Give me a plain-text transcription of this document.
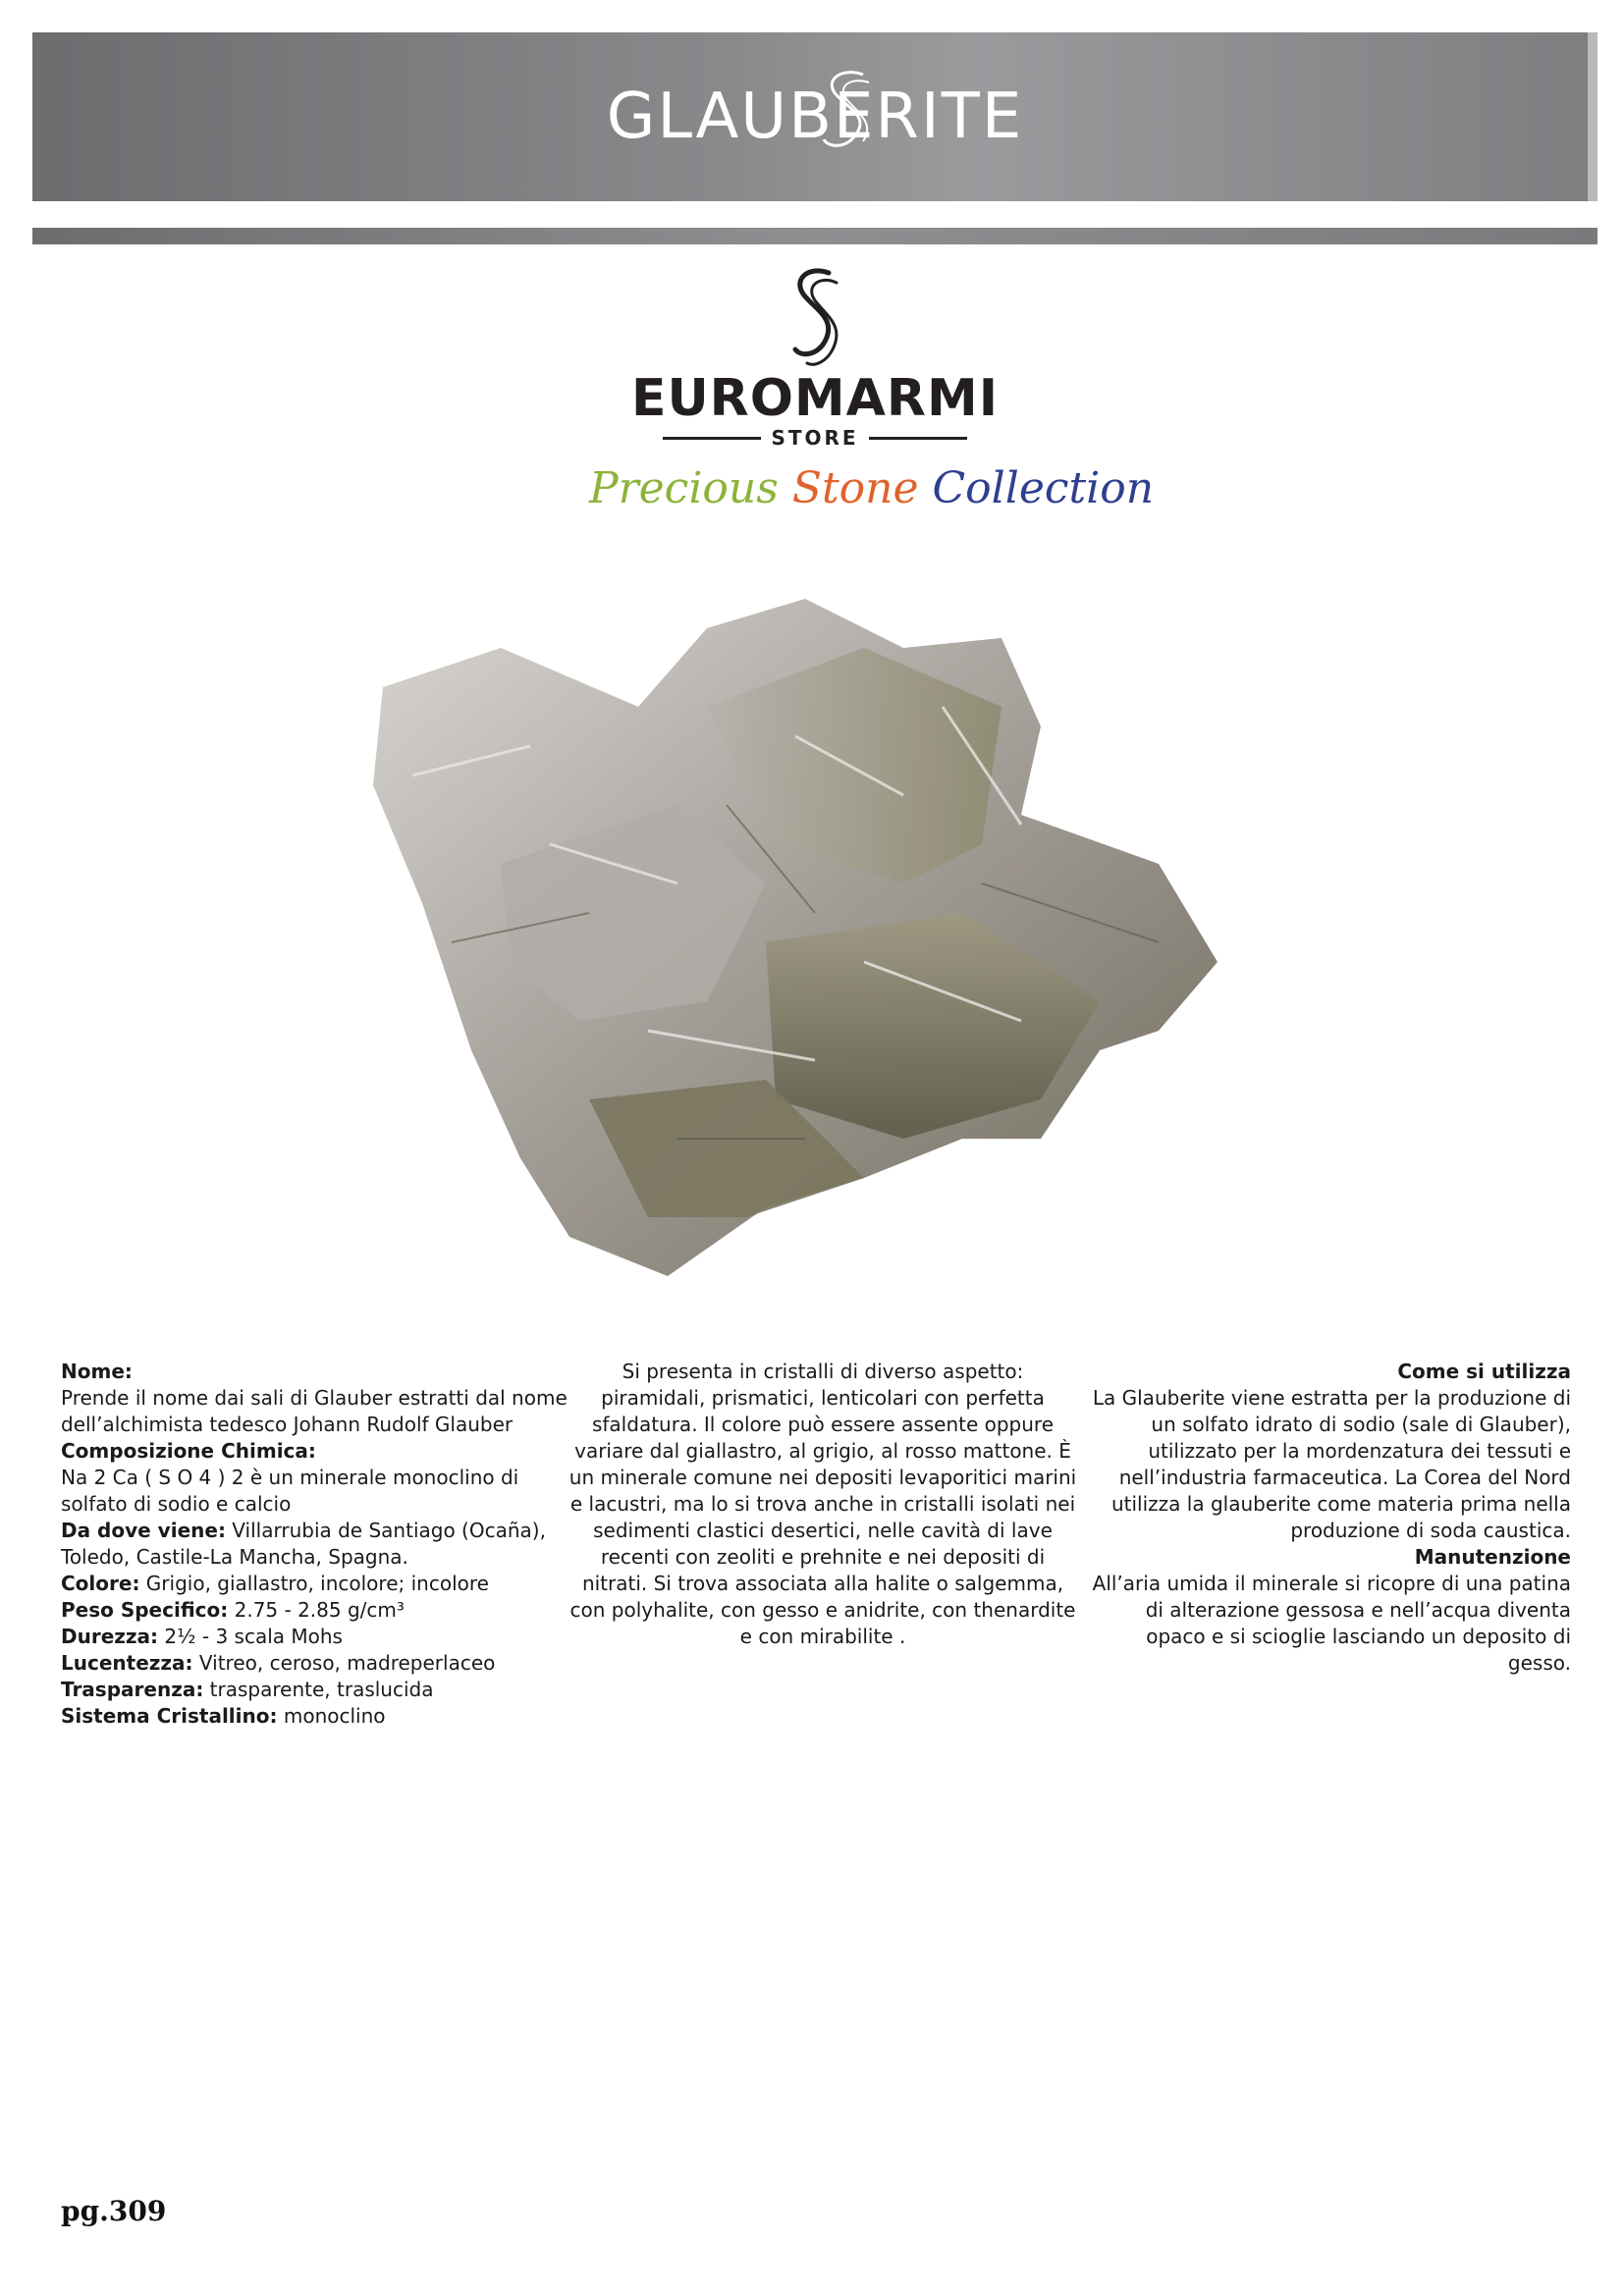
GLAUBERITE
EUROMARMI
STORE
Precious Stone Collection

Nome:

Prende il nome dai sali di Glauber estratti dal nome dell’alchimista tedesco Johann Rudolf Glauber

Composizione Chimica:

Na 2 Ca ( S O 4 ) 2 è un minerale monoclino di solfato di sodio e calcio

Da dove viene: Villarrubia de Santiago (Ocaña), Toledo, Castile-La Mancha, Spagna.

Colore: Grigio, giallastro, incolore; incolore

Peso Specifico: 2.75 - 2.85 g/cm³

Durezza: 2½ - 3 scala Mohs

Lucentezza: Vitreo, ceroso, madreperlaceo

Trasparenza: trasparente, traslucida

Sistema Cristallino: monoclino

Si presenta in cristalli di diverso aspetto: piramidali, prismatici, lenticolari con perfetta sfaldatura. Il colore può essere assente oppure variare dal giallastro, al grigio, al rosso mattone. È un minerale comune nei depositi levaporitici marini e lacustri, ma lo si trova anche in cristalli isolati nei sedimenti clastici desertici, nelle cavità di lave recenti con zeoliti e prehnite e nei depositi di nitrati. Si trova associata alla halite o salgemma, con polyhalite, con gesso e anidrite, con thenardite e con mirabilite .

Come si utilizza

La Glauberite viene estratta per la produzione di un solfato idrato di sodio (sale di Glauber), utilizzato per la mordenzatura dei tessuti e nell’industria farmaceutica. La Corea del Nord utilizza la glauberite come materia prima nella produzione di soda caustica.

Manutenzione

All’aria umida il minerale si ricopre di una patina di alterazione gessosa e nell’acqua diventa opaco e si scioglie lasciando un deposito di gesso.

pg.309
